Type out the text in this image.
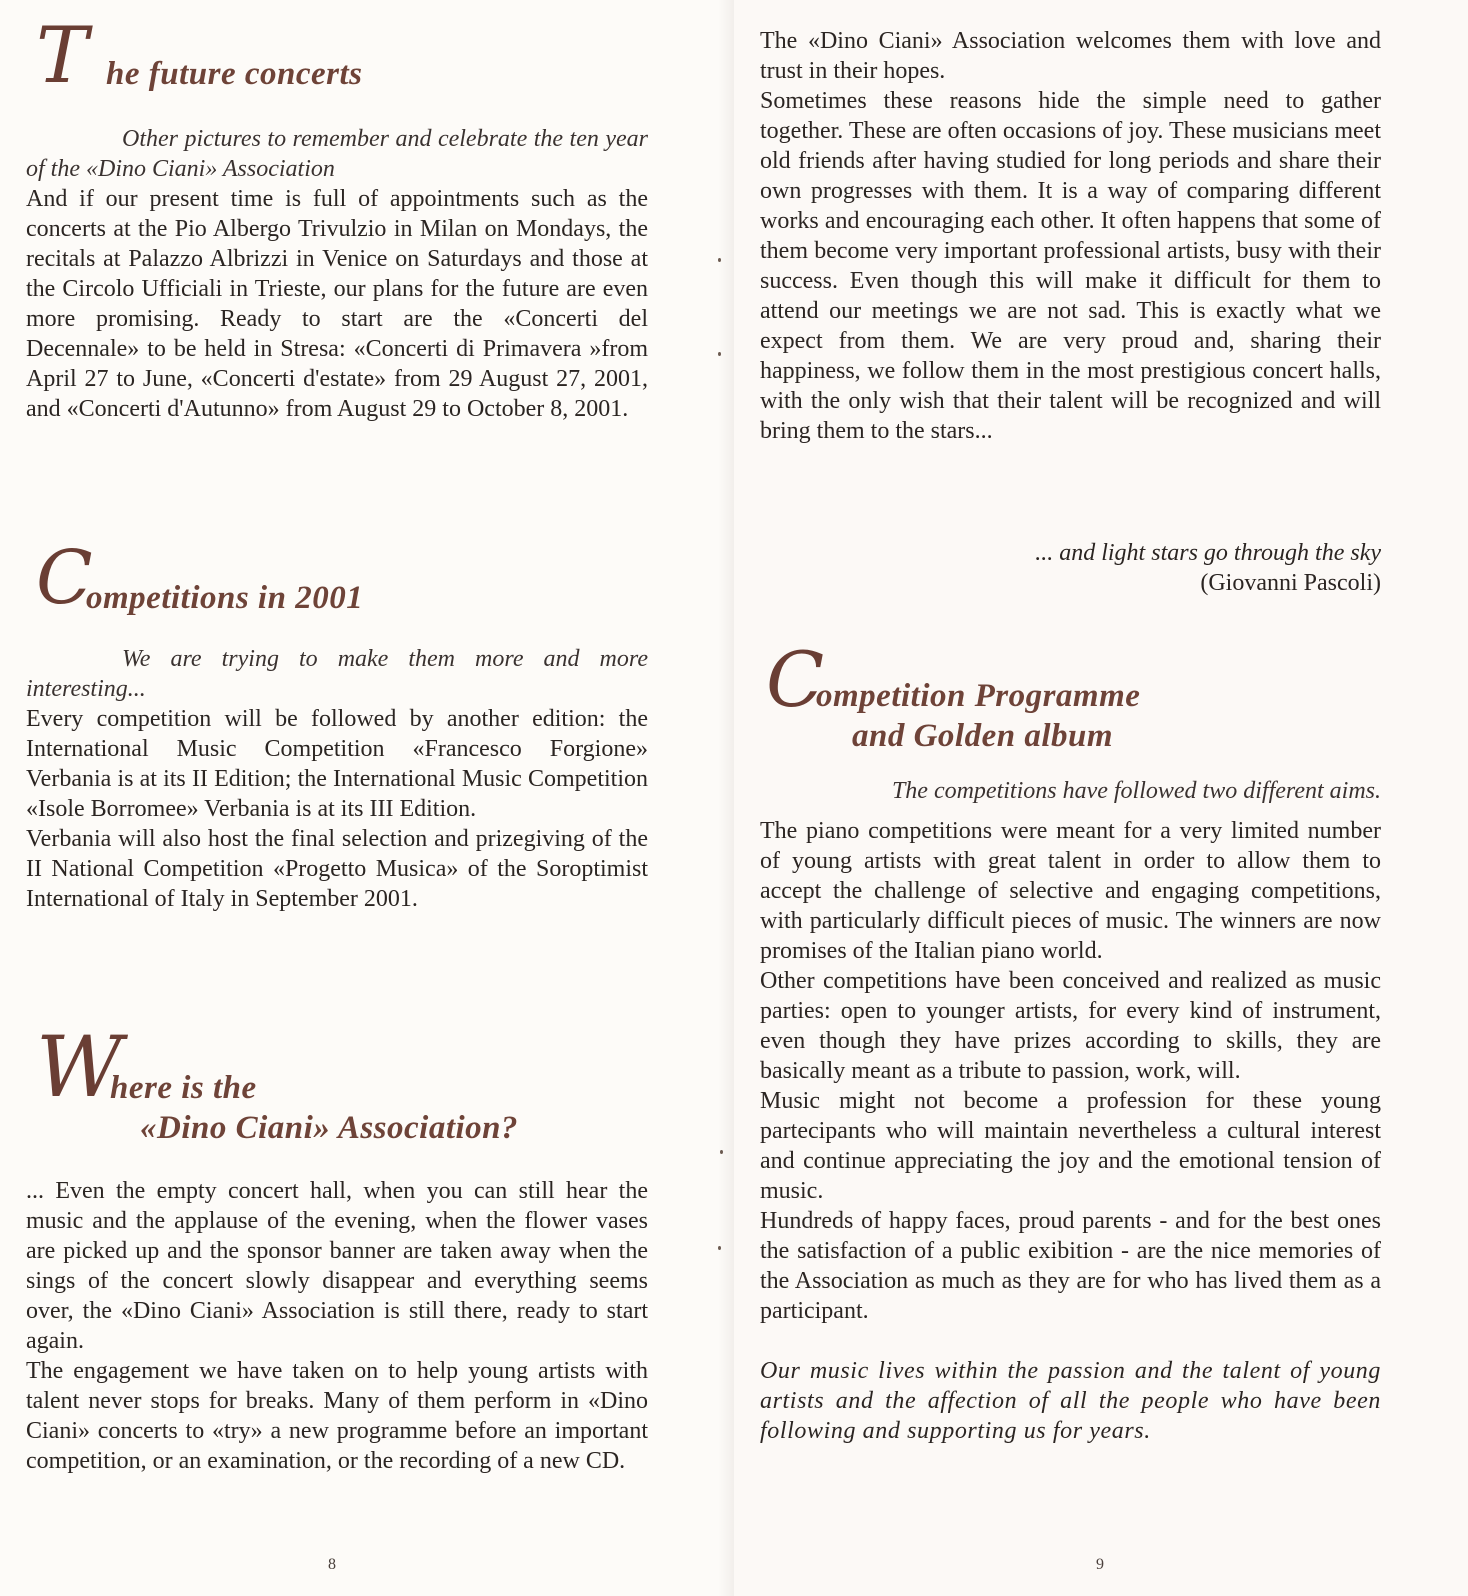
T he future concerts

Other pictures to remember and celebrate the ten year of the «Dino Ciani» Association

And if our present time is full of appointments such as the concerts at the Pio Albergo Trivulzio in Milan on Mondays, the recitals at Palazzo Albrizzi in Venice on Saturdays and those at the Circolo Ufficiali in Trieste, our plans for the future are even more promising. Ready to start are the «Concerti del Decennale» to be held in Stresa: «Concerti di Primavera »from April 27 to June, «Concerti d'estate» from 29 August 27, 2001, and «Concerti d'Autunno» from August 29 to October 8, 2001.

C
ompetitions in 2001

We are trying to make them more and more interesting...

Every competition will be followed by another edition: the International Music Competition «Francesco Forgione» Verbania is at its II Edition; the International Music Competition «Isole Borromee» Verbania is at its III Edition.

Verbania will also host the final selection and prizegiving of the II National Competition «Progetto Musica» of the Soroptimist International of Italy in September 2001.

W
here is the
«Dino Ciani» Association?

... Even the empty concert hall, when you can still hear the music and the applause of the evening, when the flower vases are picked up and the sponsor banner are taken away when the sings of the concert slowly disappear and everything seems over, the «Dino Ciani» Association is still there, ready to start again.

The engagement we have taken on to help young artists with talent never stops for breaks. Many of them perform in «Dino Ciani» concerts to «try» a new programme before an important competition, or an examination, or the recording of a new CD.

8

The «Dino Ciani» Association welcomes them with love and trust in their hopes.

Sometimes these reasons hide the simple need to gather together. These are often occasions of joy. These musicians meet old friends after having studied for long periods and share their own progresses with them. It is a way of comparing different works and encouraging each other. It often happens that some of them become very important professional artists, busy with their success. Even though this will make it difficult for them to attend our meetings we are not sad. This is exactly what we expect from them. We are very proud and, sharing their happiness, we follow them in the most prestigious concert halls, with the only wish that their talent will be recognized and will bring them to the stars...

... and light stars go through the sky
(Giovanni Pascoli)
C
ompetition Programme
and Golden album

The competitions have followed two different aims.

The piano competitions were meant for a very limited number of young artists with great talent in order to allow them to accept the challenge of selective and engaging competitions, with particularly difficult pieces of music. The winners are now promises of the Italian piano world.

Other competitions have been conceived and realized as music parties: open to younger artists, for every kind of instrument, even though they have prizes according to skills, they are basically meant as a tribute to passion, work, will.

Music might not become a profession for these young partecipants who will maintain nevertheless a cultural interest and continue appreciating the joy and the emotional tension of music.

Hundreds of happy faces, proud parents - and for the best ones the satisfaction of a public exibition - are the nice memories of the Association as much as they are for who has lived them as a participant.

Our music lives within the passion and the talent of young artists and the affection of all the people who have been following and supporting us for years.

9
